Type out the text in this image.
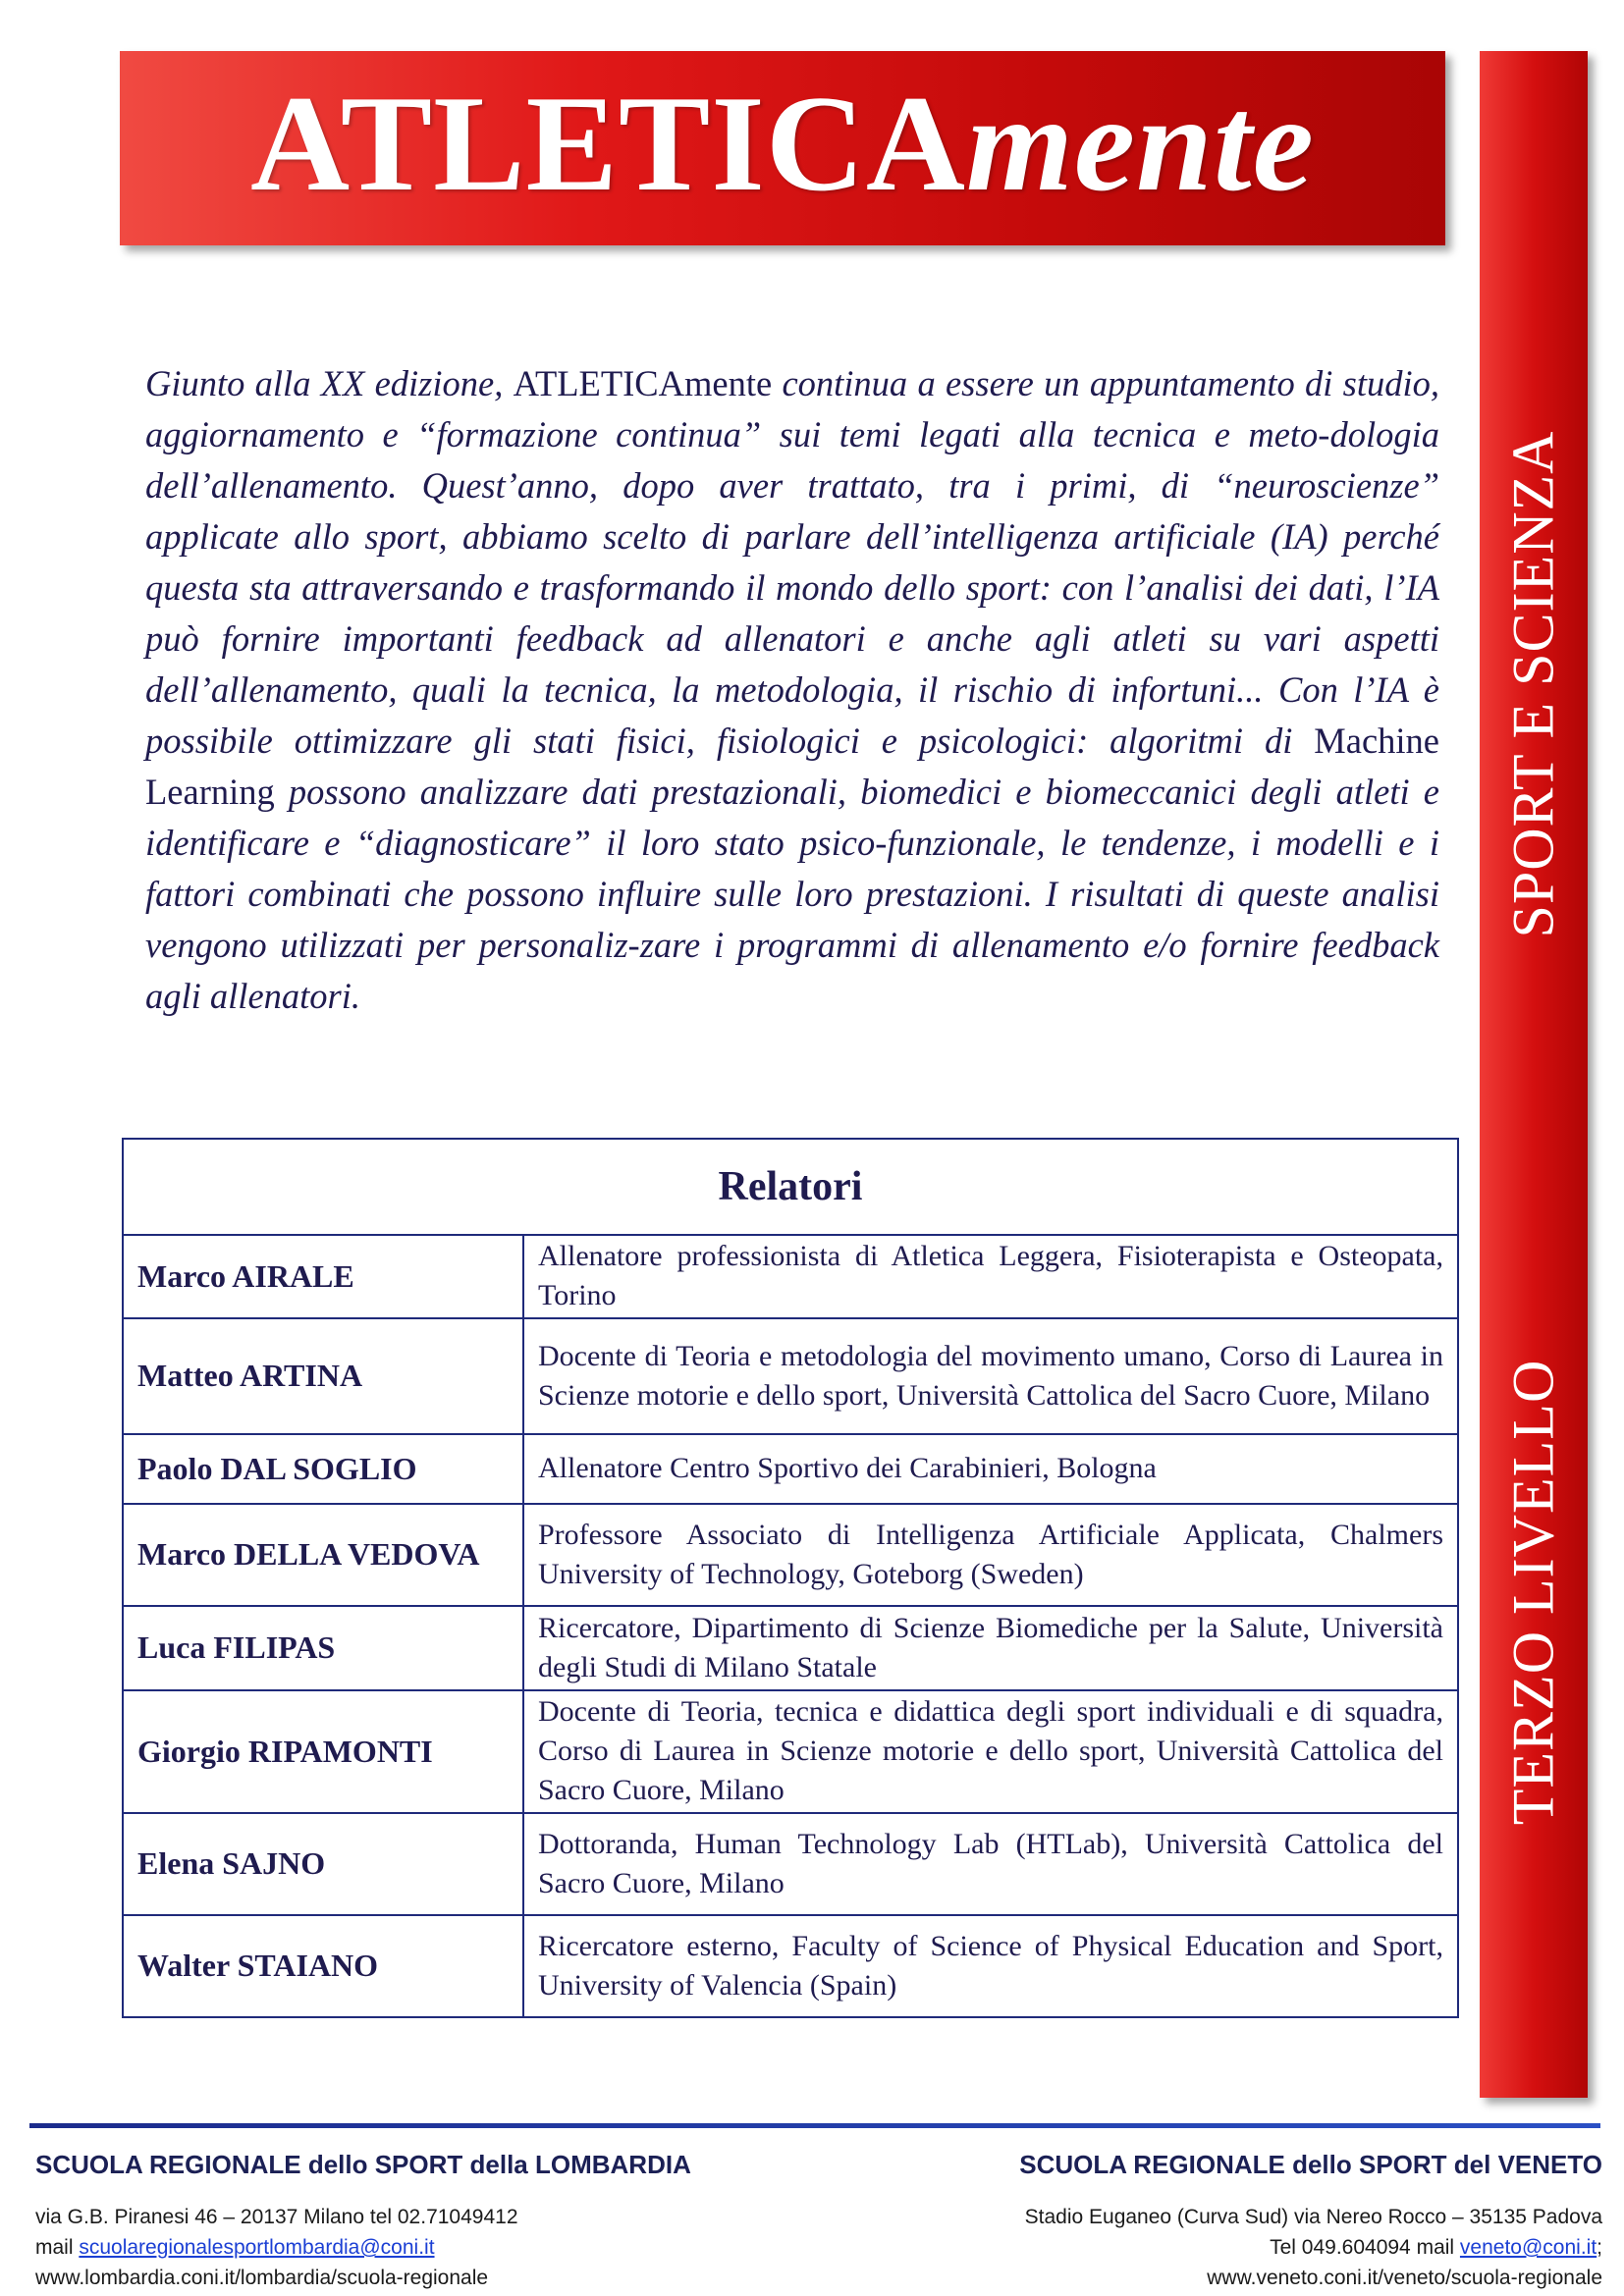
ATLETICAmente
SPORT E SCIENZA
TERZO LIVELLO

Giunto alla XX edizione, ATLETICAmente continua a essere un appuntamento di studio, aggiornamento e “formazione continua” sui temi legati alla tecnica e meto-dologia dell’allenamento. Quest’anno, dopo aver trattato, tra i primi, di “neuroscienze” applicate allo sport, abbiamo scelto di parlare dell’intelligenza artificiale (IA) perché questa sta attraversando e trasformando il mondo dello sport: con l’analisi dei dati, l’IA può fornire importanti feedback ad allenatori e anche agli atleti su vari aspetti dell’allenamento, quali la tecnica, la metodologia, il rischio di infortuni... Con l’IA è possibile ottimizzare gli stati fisici, fisiologici e psicologici: algoritmi di Machine Learning possono analizzare dati prestazionali, biomedici e biomeccanici degli atleti e identificare e “diagnosticare” il loro stato psico-funzionale, le tendenze, i modelli e i fattori combinati che possono influire sulle loro prestazioni. I risultati di queste analisi vengono utilizzati per personaliz-zare i programmi di allenamento e/o fornire feedback agli allenatori.

Relatori	
Marco AIRALE	Allenatore professionista di Atletica Leggera, Fisioterapista e Osteopata, Torino
Matteo ARTINA	Docente di Teoria e metodologia del movimento umano, Corso di Laurea in Scienze motorie e dello sport, Università Cattolica del Sacro Cuore, Milano
Paolo DAL SOGLIO	Allenatore Centro Sportivo dei Carabinieri, Bologna
Marco DELLA VEDOVA	Professore Associato di Intelligenza Artificiale Applicata, Chalmers University of Technology, Goteborg (Sweden)
Luca FILIPAS	Ricercatore, Dipartimento di Scienze Biomediche per la Salute, Università degli Studi di Milano Statale
Giorgio RIPAMONTI	Docente di Teoria, tecnica e didattica degli sport individuali e di squadra, Corso di Laurea in Scienze motorie e dello sport, Università Cattolica del Sacro Cuore, Milano
Elena SAJNO	Dottoranda, Human Technology Lab (HTLab), Università Cattolica del Sacro Cuore, Milano
Walter STAIANO	Ricercatore esterno, Faculty of Science of Physical Education and Sport, University of Valencia (Spain)
SCUOLA REGIONALE dello SPORT della LOMBARDIA
via G.B. Piranesi 46 – 20137 Milano tel 02.71049412
mail scuolaregionalesportlombardia@coni.it
www.lombardia.coni.it/lombardia/scuola-regionale
SCUOLA REGIONALE dello SPORT del VENETO
Stadio Euganeo (Curva Sud) via Nereo Rocco – 35135 Padova
Tel 049.604094 mail veneto@coni.it;
www.veneto.coni.it/veneto/scuola-regionale
